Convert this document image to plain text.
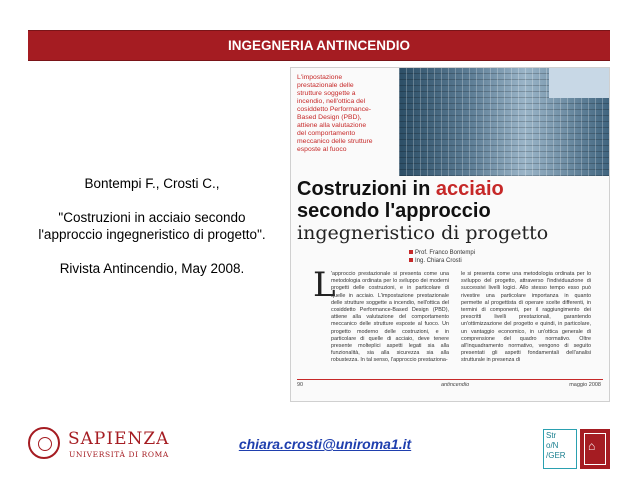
INGEGNERIA ANTINCENDIO

Bontempi F., Crosti C.,

"Costruzioni in acciaio secondo l'approccio ingegneristico di progetto".

Rivista Antincendio, May 2008.

L'impostazione prestazionale delle strutture soggette a incendio, nell'ottica del cosiddetto Performance-Based Design (PBD), attiene alla valutazione del comportamento meccanico delle strutture esposte al fuoco
Costruzioni in acciaio
secondo l'approccio
ingegneristico di progetto
Prof. Franco Bontempi
Ing. Chiara Crosti
L
'approccio prestazionale si presenta come una metodologia ordinata per lo sviluppo dei moderni progetti delle costruzioni, e in particolare di quelle in acciaio. L'impostazione prestazionale delle strutture soggette a incendio, nell'ottica del cosiddetto Performance-Based Design (PBD), attiene alla valutazione del comportamento meccanico delle strutture esposte al fuoco. Un progetto moderno delle costruzioni, e in particolare di quelle di acciaio, deve tenere presente molteplici aspetti legati sia alla funzionalità, sia alla sicurezza sia alla robustezza. In tal senso, l'approccio prestaziona-
le si presenta come una metodologia ordinata per lo sviluppo del progetto, attraverso l'individuazione di successivi livelli logici. Allo stesso tempo esso può rivestire una particolare importanza in quanto permette al progettista di operare scelte differenti, in termini di componenti, per il raggiungimento dei prescritti livelli prestazionali, garantendo un'ottimizzazione del progetto e quindi, in particolare, un vantaggio economico, in un'ottica generale di comprensione del quadro normativo. Oltre all'inquadramento normativo, vengono di seguito presentati gli aspetti fondamentali dell'analisi strutturale in presenza di
90	antincendio	maggio 2008
SAPIENZA
UNIVERSITÀ DI ROMA
chiara.crosti@uniroma1.it
Str
o/N
/GER
⌂
